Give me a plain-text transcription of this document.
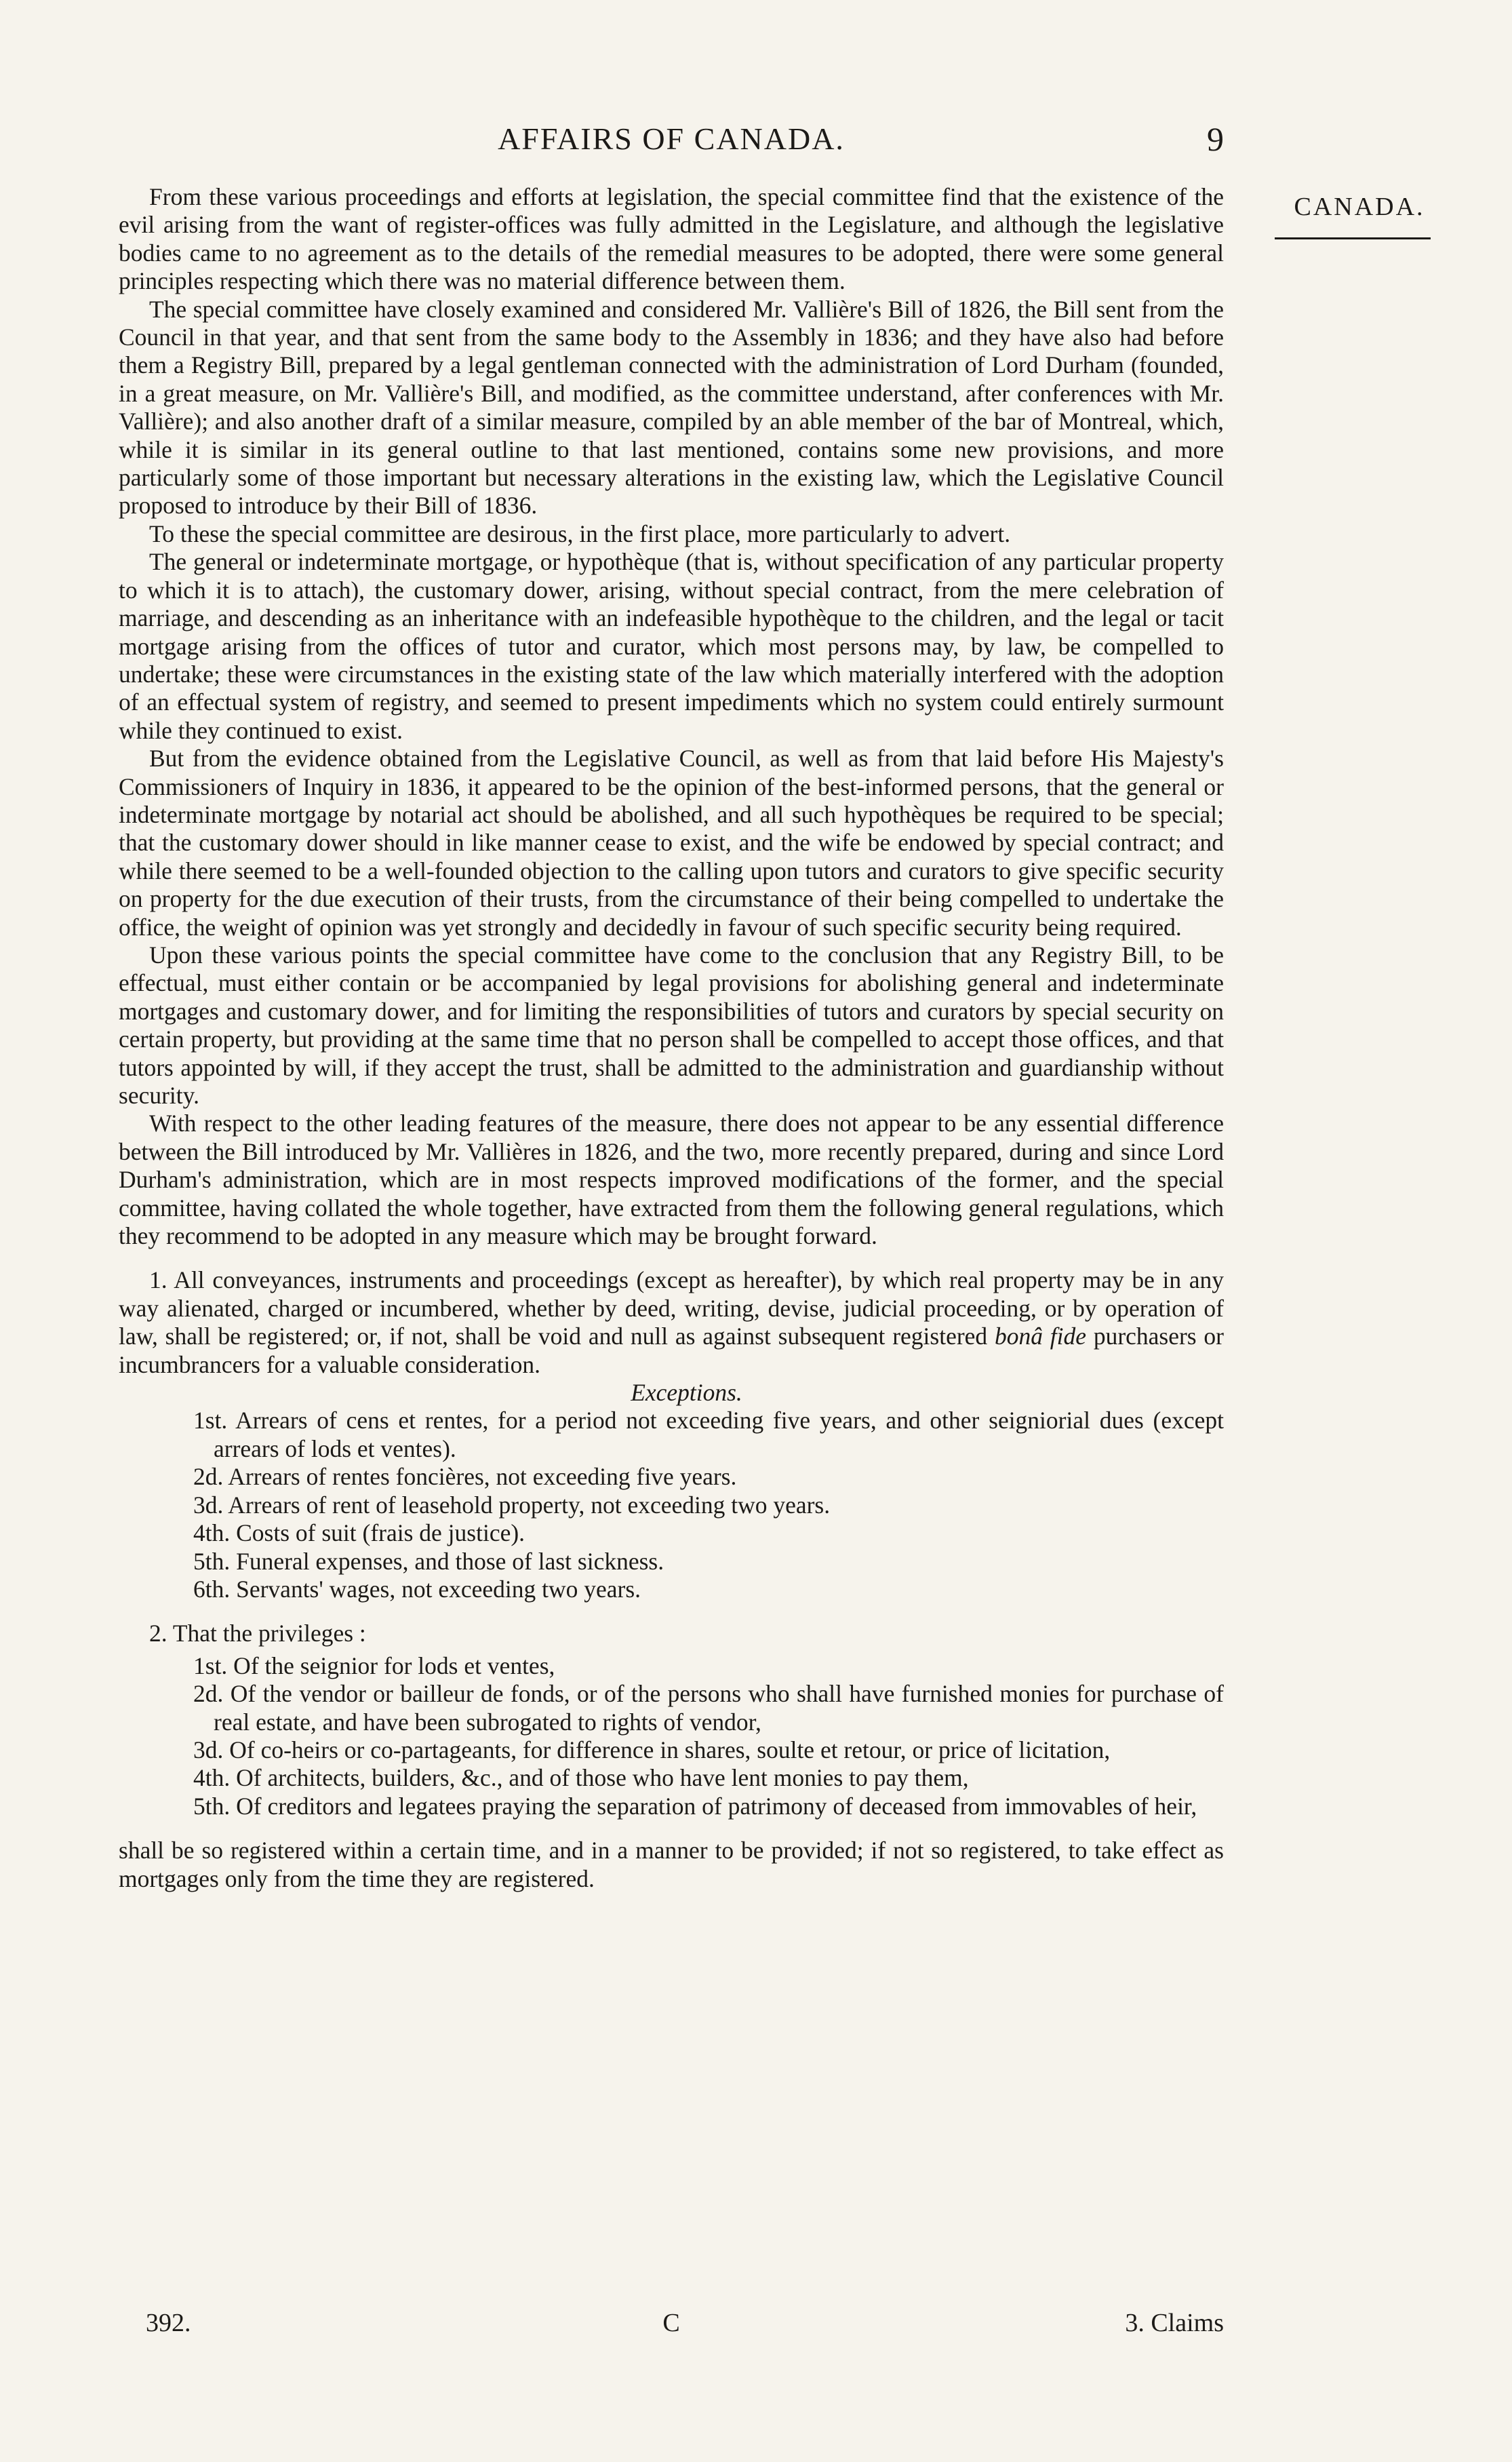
AFFAIRS OF CANADA.	9
CANADA.

From these various proceedings and efforts at legislation, the special committee find that the existence of the evil arising from the want of register-offices was fully admitted in the Legislature, and although the legislative bodies came to no agreement as to the details of the remedial measures to be adopted, there were some general principles respecting which there was no material difference between them.

The special committee have closely examined and considered Mr. Vallière's Bill of 1826, the Bill sent from the Council in that year, and that sent from the same body to the Assembly in 1836; and they have also had before them a Registry Bill, prepared by a legal gentleman connected with the administration of Lord Durham (founded, in a great measure, on Mr. Vallière's Bill, and modified, as the committee understand, after conferences with Mr. Vallière); and also another draft of a similar measure, compiled by an able member of the bar of Montreal, which, while it is similar in its general outline to that last mentioned, contains some new provisions, and more particularly some of those important but necessary alterations in the existing law, which the Legislative Council proposed to introduce by their Bill of 1836.

To these the special committee are desirous, in the first place, more particularly to advert.

The general or indeterminate mortgage, or hypothèque (that is, without specification of any particular property to which it is to attach), the customary dower, arising, without special contract, from the mere celebration of marriage, and descending as an inheritance with an indefeasible hypothèque to the children, and the legal or tacit mortgage arising from the offices of tutor and curator, which most persons may, by law, be compelled to undertake; these were circumstances in the existing state of the law which materially interfered with the adoption of an effectual system of registry, and seemed to present impediments which no system could entirely surmount while they continued to exist.

But from the evidence obtained from the Legislative Council, as well as from that laid before His Majesty's Commissioners of Inquiry in 1836, it appeared to be the opinion of the best-informed persons, that the general or indeterminate mortgage by notarial act should be abolished, and all such hypothèques be required to be special; that the customary dower should in like manner cease to exist, and the wife be endowed by special contract; and while there seemed to be a well-founded objection to the calling upon tutors and curators to give specific security on property for the due execution of their trusts, from the circumstance of their being compelled to undertake the office, the weight of opinion was yet strongly and decidedly in favour of such specific security being required.

Upon these various points the special committee have come to the conclusion that any Registry Bill, to be effectual, must either contain or be accompanied by legal provisions for abolishing general and indeterminate mortgages and customary dower, and for limiting the responsibilities of tutors and curators by special security on certain property, but providing at the same time that no person shall be compelled to accept those offices, and that tutors appointed by will, if they accept the trust, shall be admitted to the administration and guardianship without security.

With respect to the other leading features of the measure, there does not appear to be any essential difference between the Bill introduced by Mr. Vallières in 1826, and the two, more recently prepared, during and since Lord Durham's administration, which are in most respects improved modifications of the former, and the special committee, having collated the whole together, have extracted from them the following general regulations, which they recommend to be adopted in any measure which may be brought forward.

1. All conveyances, instruments and proceedings (except as hereafter), by which real property may be in any way alienated, charged or incumbered, whether by deed, writing, devise, judicial proceeding, or by operation of law, shall be registered; or, if not, shall be void and null as against subsequent registered bonâ fide purchasers or incumbrancers for a valuable consideration.

Exceptions.

1st. Arrears of cens et rentes, for a period not exceeding five years, and other seigniorial dues (except arrears of lods et ventes).
2d. Arrears of rentes foncières, not exceeding five years.
3d. Arrears of rent of leasehold property, not exceeding two years.
4th. Costs of suit (frais de justice).
5th. Funeral expenses, and those of last sickness.
6th. Servants' wages, not exceeding two years.

2. That the privileges :

1st. Of the seignior for lods et ventes,
2d. Of the vendor or bailleur de fonds, or of the persons who shall have furnished monies for purchase of real estate, and have been subrogated to rights of vendor,
3d. Of co-heirs or co-partageants, for difference in shares, soulte et retour, or price of licitation,
4th. Of architects, builders, &c., and of those who have lent monies to pay them,
5th. Of creditors and legatees praying the separation of patrimony of deceased from immovables of heir,

shall be so registered within a certain time, and in a manner to be provided; if not so registered, to take effect as mortgages only from the time they are registered.

392.	C	3. Claims
